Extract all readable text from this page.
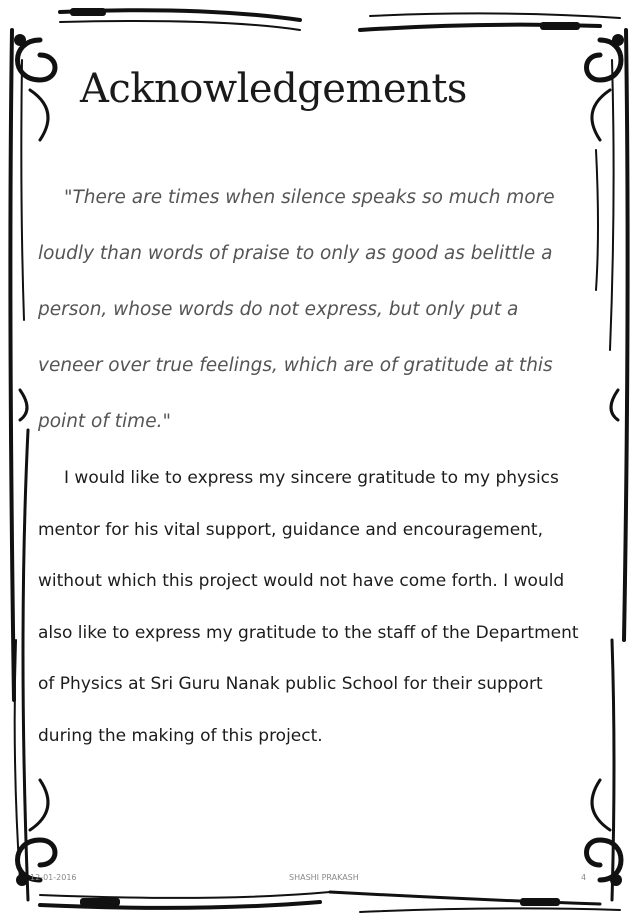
Acknowledgements

"There are times when silence speaks so much more loudly than words of praise to only as good as belittle a person, whose words do not express, but only put a veneer over true feelings, which are of gratitude at this point of time."

I would like to express my sincere gratitude to my physics mentor for his vital support, guidance and encouragement, without which this project would not have come forth. I would also like to express my gratitude to the staff of the Department of Physics at Sri Guru Nanak public School for their support during the making of this project.

12-01-2016	SHASHI PRAKASH	4
